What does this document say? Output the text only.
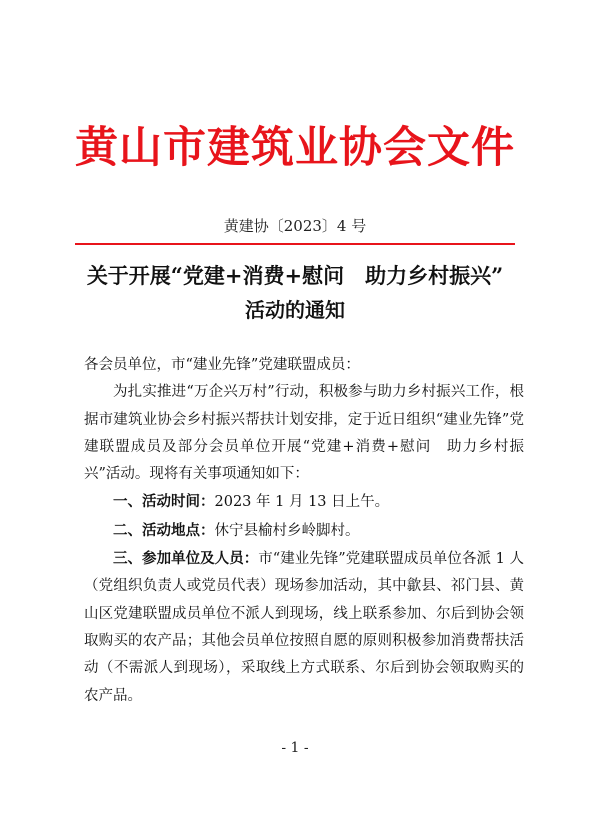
黄山市建筑业协会文件
黄建协〔2023〕4 号
关于开展“党建+消费+慰问　助力乡村振兴”
活动的通知

各会员单位，市“建业先锋”党建联盟成员：

为扎实推进“万企兴万村”行动，积极参与助力乡村振兴工作，根据市建筑业协会乡村振兴帮扶计划安排，定于近日组织“建业先锋”党建联盟成员及部分会员单位开展“党建+消费+慰问　助力乡村振兴”活动。现将有关事项通知如下：

一、活动时间：2023 年 1 月 13 日上午。

二、活动地点：休宁县榆村乡岭脚村。

三、参加单位及人员：市“建业先锋”党建联盟成员单位各派 1 人（党组织负责人或党员代表）现场参加活动，其中歙县、祁门县、黄山区党建联盟成员单位不派人到现场，线上联系参加、尔后到协会领取购买的农产品；其他会员单位按照自愿的原则积极参加消费帮扶活动（不需派人到现场），采取线上方式联系、尔后到协会领取购买的农产品。

- 1 -
